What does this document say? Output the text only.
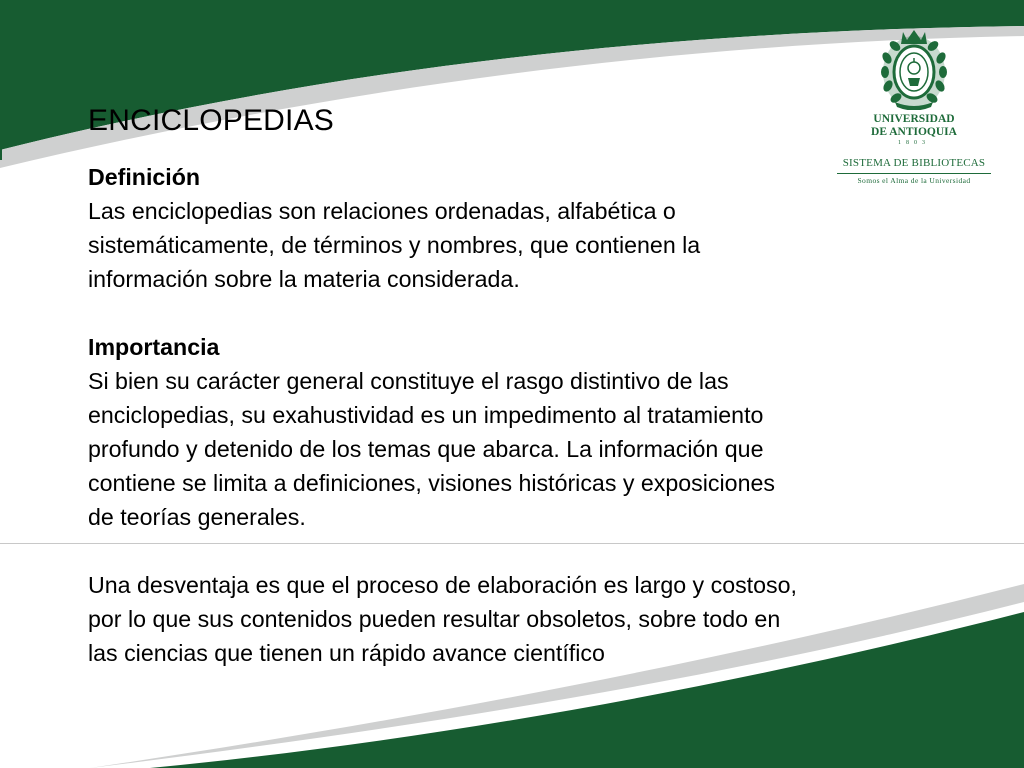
ENCICLOPEDIAS
Definición
Las enciclopedias son relaciones ordenadas, alfabética o
sistemáticamente, de términos y nombres, que contienen la
información sobre la materia considerada.
Importancia
Si bien su carácter general constituye el rasgo distintivo de las
enciclopedias, su exahustividad es un impedimento al tratamiento
profundo y detenido de los temas que abarca. La información que
contiene se limita a definiciones, visiones históricas y exposiciones
de teorías generales.
Una desventaja es que el proceso de elaboración es largo y costoso,
por lo que sus contenidos pueden resultar obsoletos, sobre todo en
las ciencias que tienen un rápido avance científico
UNIVERSIDAD
DE ANTIOQUIA
1803
SISTEMA DE BIBLIOTECAS
Somos el Alma de la Universidad
